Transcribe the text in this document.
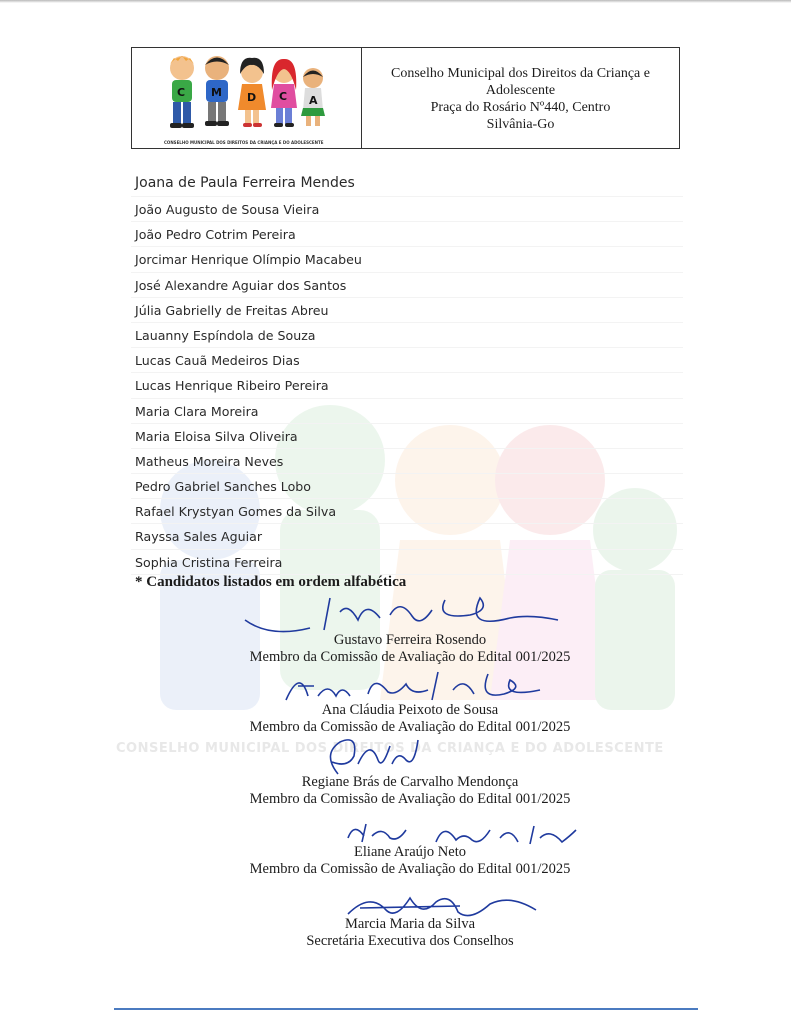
C M D C A
CONSELHO MUNICIPAL DOS DIREITOS DA CRIANÇA E DO ADOLESCENTE
Conselho Municipal dos Direitos da Criança e
Adolescente
Praça do Rosário Nº440, Centro
Silvânia-Go
CONSELHO MUNICIPAL DOS DIREITOS DA CRIANÇA E DO ADOLESCENTE
Joana de Paula Ferreira Mendes
João Augusto de Sousa Vieira
João Pedro Cotrim Pereira
Jorcimar Henrique Olímpio Macabeu
José Alexandre Aguiar dos Santos
Júlia Gabrielly de Freitas Abreu
Lauanny Espíndola de Souza
Lucas Cauã Medeiros Dias
Lucas Henrique Ribeiro Pereira
Maria Clara Moreira
Maria Eloisa Silva Oliveira
Matheus Moreira Neves
Pedro Gabriel Sanches Lobo
Rafael Krystyan Gomes da Silva
Rayssa Sales Aguiar
Sophia Cristina Ferreira
* Candidatos listados em ordem alfabética
Gustavo Ferreira Rosendo
Membro da Comissão de Avaliação do Edital 001/2025
Ana Cláudia Peixoto de Sousa
Membro da Comissão de Avaliação do Edital 001/2025
Regiane Brás de Carvalho Mendonça
Membro da Comissão de Avaliação do Edital 001/2025
Eliane Araújo Neto
Membro da Comissão de Avaliação do Edital 001/2025
Marcia Maria da Silva
Secretária Executiva dos Conselhos
